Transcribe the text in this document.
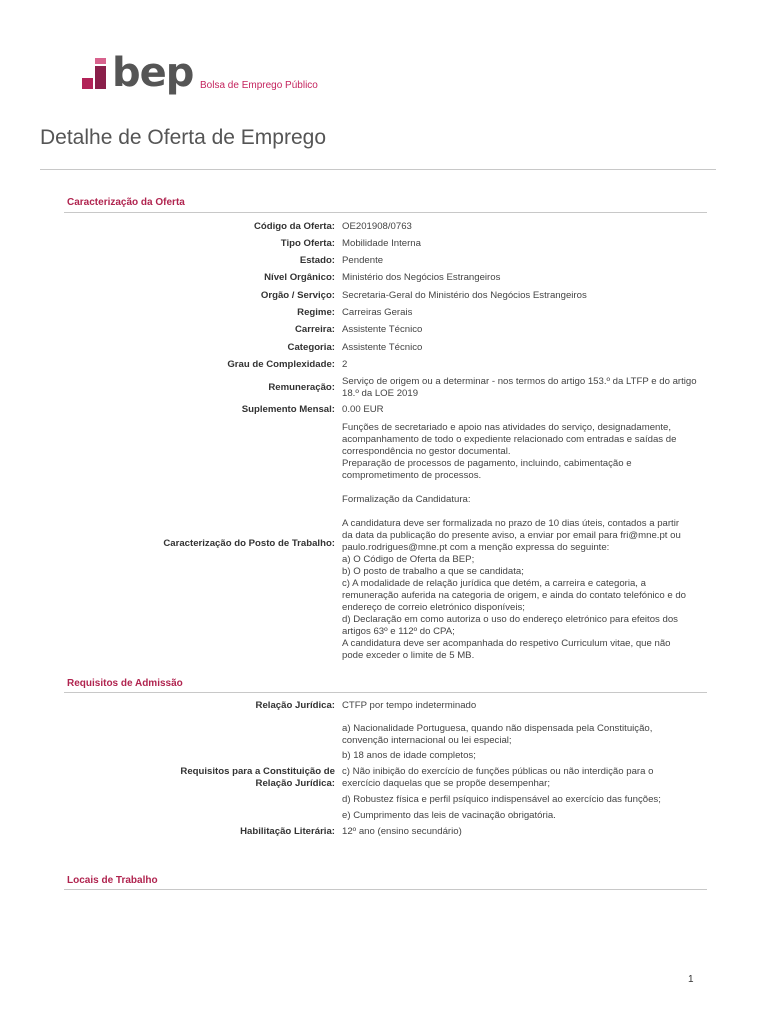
bep Bolsa de Emprego Público
Detalhe de Oferta de Emprego
Caracterização da Oferta
Código da Oferta: OE201908/0763
Tipo Oferta: Mobilidade Interna
Estado: Pendente
Nível Orgânico: Ministério dos Negócios Estrangeiros
Orgão / Serviço: Secretaria-Geral do Ministério dos Negócios Estrangeiros
Regime: Carreiras Gerais
Carreira: Assistente Técnico
Categoria: Assistente Técnico
Grau de Complexidade: 2
Remuneração:
Serviço de origem ou a determinar - nos termos do artigo 153.º da LTFP e do artigo 18.º da LOE 2019
Suplemento Mensal: 0.00 EUR
Caracterização do Posto de Trabalho:
Funções de secretariado e apoio nas atividades do serviço, designadamente,
acompanhamento de todo o expediente relacionado com entradas e saídas de
correspondência no gestor documental.
Preparação de processos de pagamento, incluindo, cabimentação e
comprometimento de processos.

Formalização da Candidatura:

A candidatura deve ser formalizada no prazo de 10 dias úteis, contados a partir
da data da publicação do presente aviso, a enviar por email para fri@mne.pt ou
paulo.rodrigues@mne.pt com a menção expressa do seguinte:
a) O Código de Oferta da BEP;
b) O posto de trabalho a que se candidata;
c) A modalidade de relação jurídica que detém, a carreira e categoria, a
remuneração auferida na categoria de origem, e ainda do contato telefónico e do
endereço de correio eletrónico disponíveis;
d) Declaração em como autoriza o uso do endereço eletrónico para efeitos dos
artigos 63º e 112º do CPA;
A candidatura deve ser acompanhada do respetivo Curriculum vitae, que não
pode exceder o limite de 5 MB.
Requisitos de Admissão
Relação Jurídica: CTFP por tempo indeterminado
Requisitos para a Constituição de Relação Jurídica:
a) Nacionalidade Portuguesa, quando não dispensada pela Constituição,
convenção internacional ou lei especial;
b) 18 anos de idade completos;
c) Não inibição do exercício de funções públicas ou não interdição para o
exercício daquelas que se propõe desempenhar;
d) Robustez física e perfil psíquico indispensável ao exercício das funções;
e) Cumprimento das leis de vacinação obrigatória.
Habilitação Literária: 12º ano (ensino secundário)
Locais de Trabalho
1
